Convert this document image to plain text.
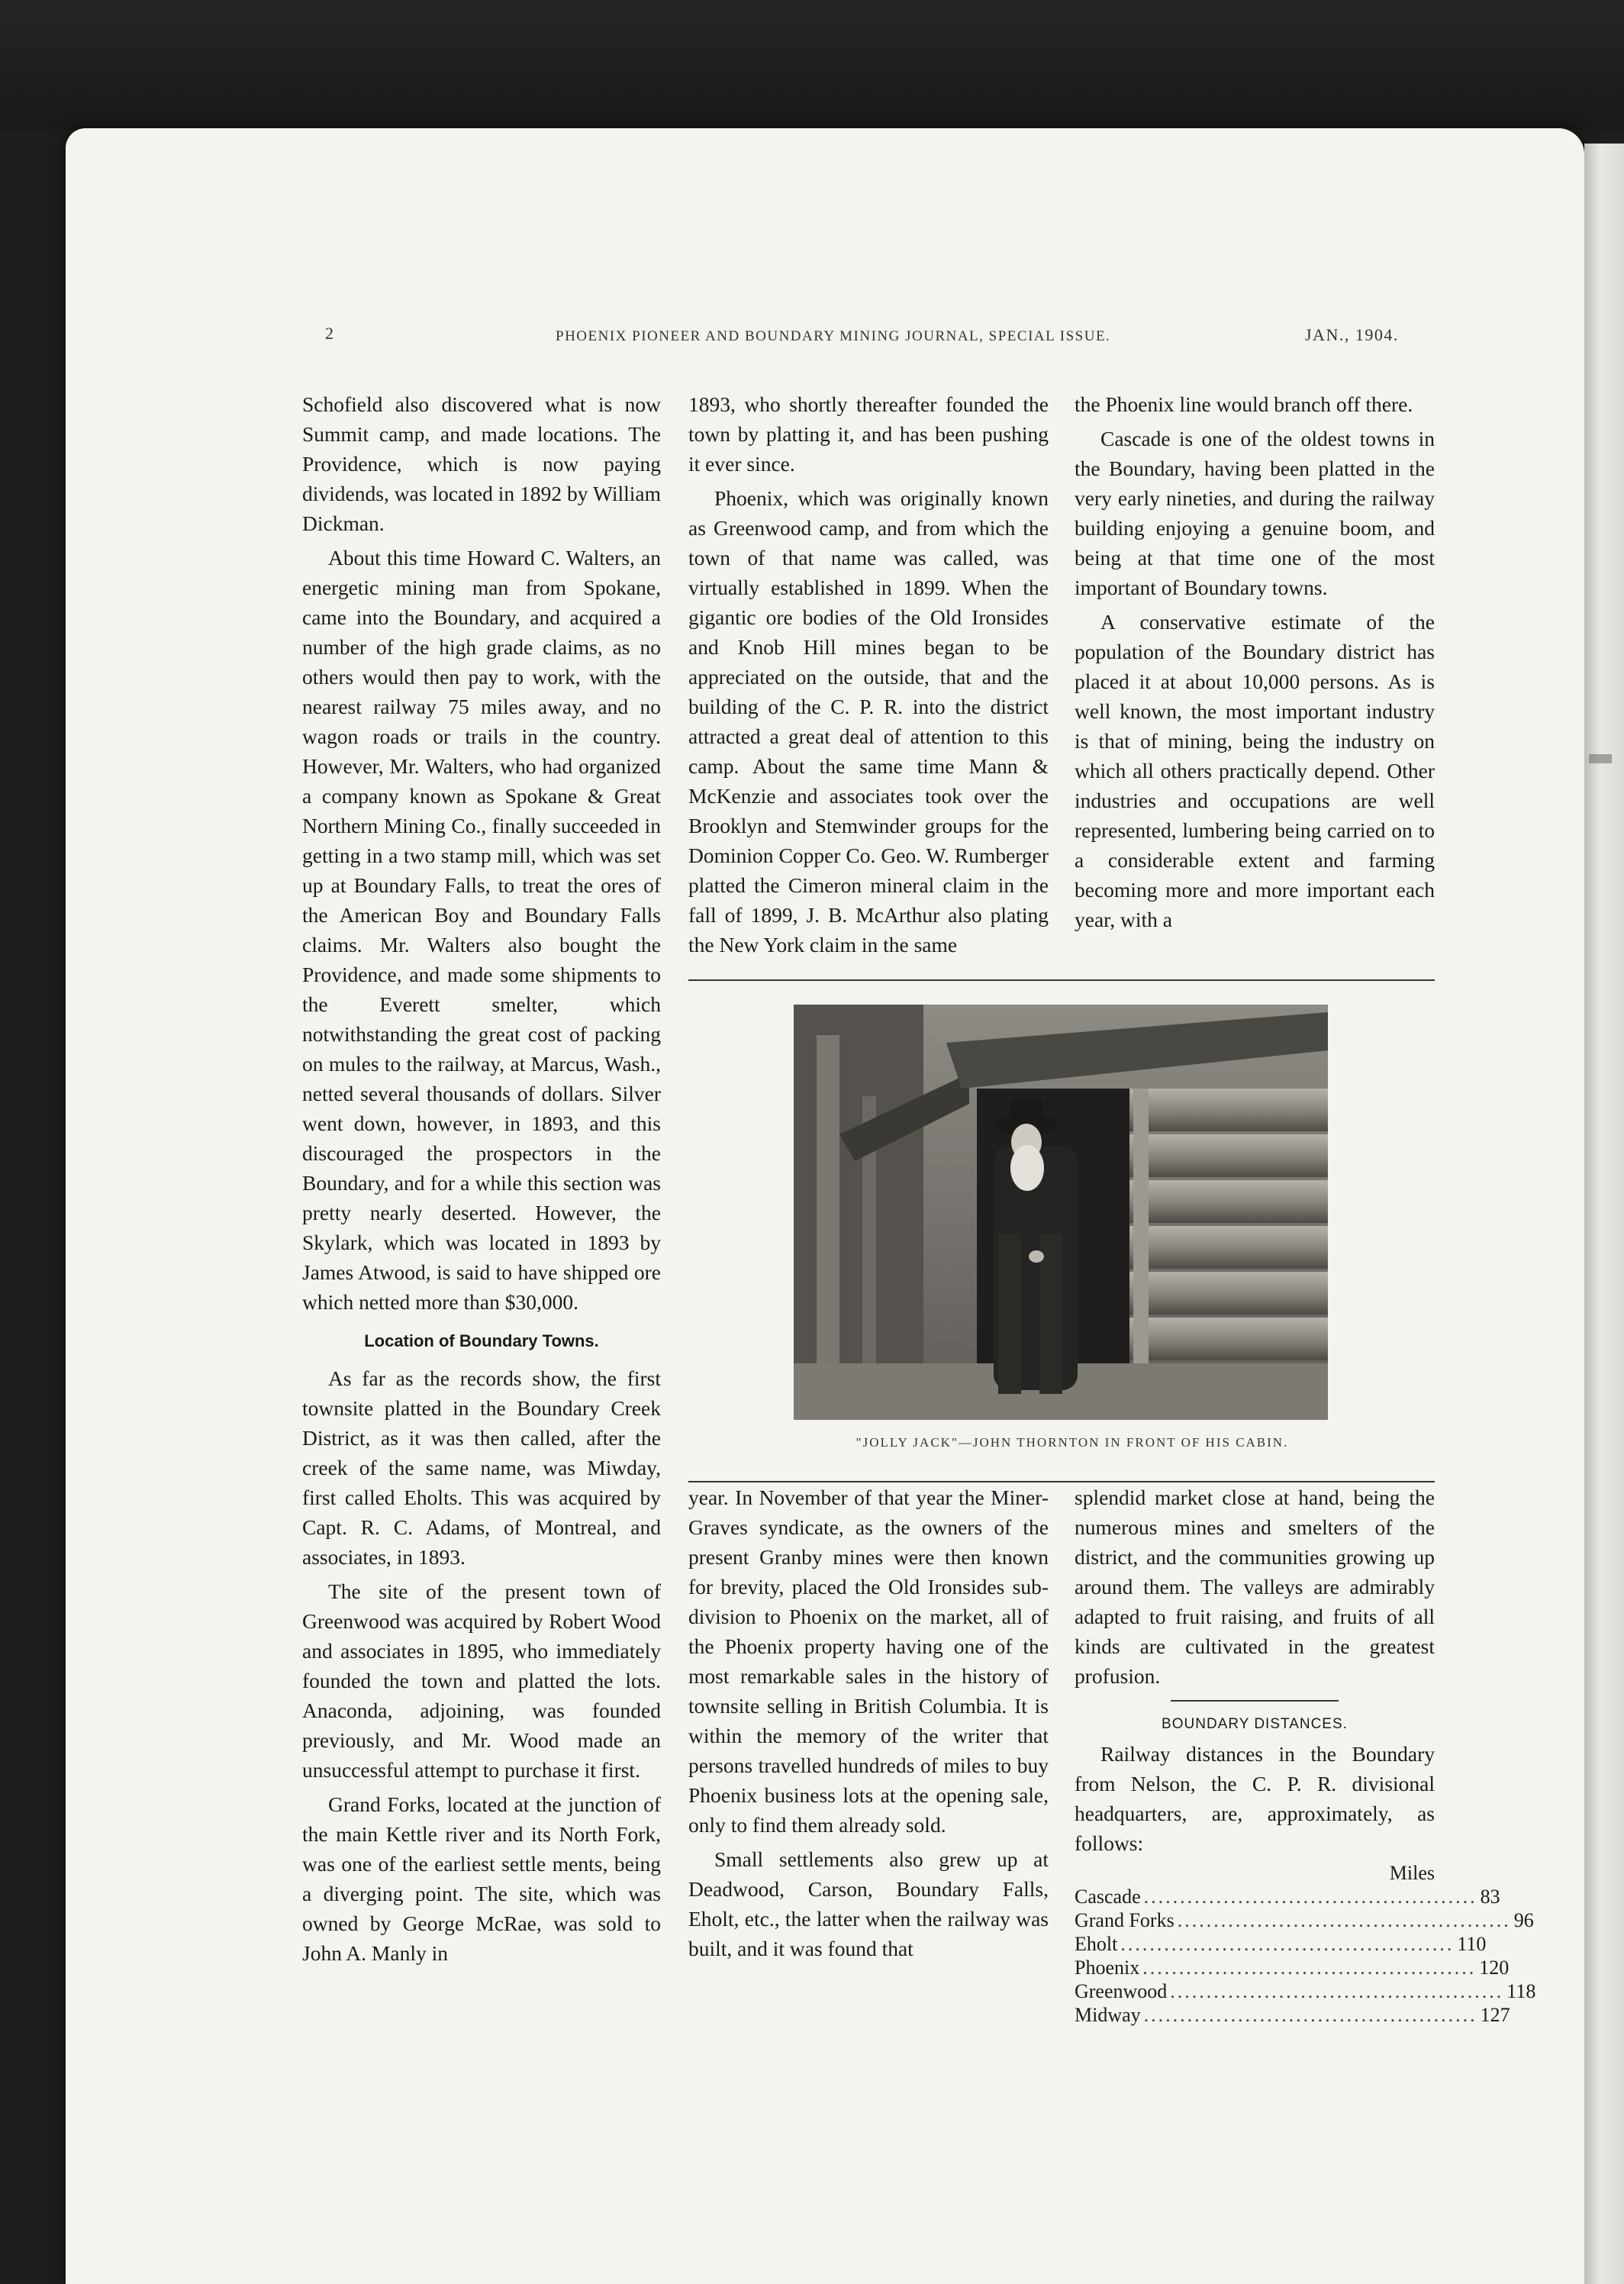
2	PHOENIX PIONEER AND BOUNDARY MINING JOURNAL, SPECIAL ISSUE.	JAN., 1904.

Schofield also discovered what is now Summit camp, and made locations. The Providence, which is now paying dividends, was located in 1892 by William Dickman.

About this time Howard C. Walters, an energetic mining man from Spokane, came into the Boundary, and acquired a number of the high grade claims, as no others would then pay to work, with the nearest railway 75 miles away, and no wagon roads or trails in the country. However, Mr. Walters, who had organized a company known as Spokane & Great Northern Mining Co., finally succeeded in getting in a two stamp mill, which was set up at Boundary Falls, to treat the ores of the American Boy and Boundary Falls claims. Mr. Walters also bought the Providence, and made some shipments to the Everett smelter, which notwithstanding the great cost of packing on mules to the railway, at Marcus, Wash., netted several thousands of dollars. Silver went down, however, in 1893, and this discouraged the prospectors in the Boundary, and for a while this section was pretty nearly deserted. However, the Skylark, which was located in 1893 by James Atwood, is said to have shipped ore which netted more than $30,000.

Location of Boundary Towns.

As far as the records show, the first townsite platted in the Boundary Creek District, as it was then called, after the creek of the same name, was Miwday, first called Eholts. This was acquired by Capt. R. C. Adams, of Montreal, and associates, in 1893.

The site of the present town of Greenwood was acquired by Robert Wood and associates in 1895, who immediately founded the town and platted the lots. Anaconda, adjoining, was founded previously, and Mr. Wood made an unsuccessful attempt to purchase it first.

Grand Forks, located at the junction of the main Kettle river and its North Fork, was one of the earliest settle ments, being a diverging point. The site, which was owned by George McRae, was sold to John A. Manly in

1893, who shortly thereafter founded the town by platting it, and has been pushing it ever since.

Phoenix, which was originally known as Greenwood camp, and from which the town of that name was called, was virtually established in 1899. When the gigantic ore bodies of the Old Ironsides and Knob Hill mines began to be appreciated on the outside, that and the building of the C. P. R. into the district attracted a great deal of attention to this camp. About the same time Mann & McKenzie and associates took over the Brooklyn and Stemwinder groups for the Dominion Copper Co. Geo. W. Rumberger platted the Cimeron mineral claim in the fall of 1899, J. B. McArthur also plating the New York claim in the same

the Phoenix line would branch off there.

Cascade is one of the oldest towns in the Boundary, having been platted in the very early nineties, and during the railway building enjoying a genuine boom, and being at that time one of the most important of Boundary towns.

A conservative estimate of the population of the Boundary district has placed it at about 10,000 persons. As is well known, the most important industry is that of mining, being the industry on which all others practically depend. Other industries and occupations are well represented, lumbering being carried on to a considerable extent and farming becoming more and more important each year, with a

"JOLLY JACK"—JOHN THORNTON IN FRONT OF HIS CABIN.

year. In November of that year the Miner-Graves syndicate, as the owners of the present Granby mines were then known for brevity, placed the Old Ironsides sub-division to Phoenix on the market, all of the Phoenix property having one of the most remarkable sales in the history of townsite selling in British Columbia. It is within the memory of the writer that persons travelled hundreds of miles to buy Phoenix business lots at the opening sale, only to find them already sold.

Small settlements also grew up at Deadwood, Carson, Boundary Falls, Eholt, etc., the latter when the railway was built, and it was found that

splendid market close at hand, being the numerous mines and smelters of the district, and the communities growing up around them. The valleys are admirably adapted to fruit raising, and fruits of all kinds are cultivated in the greatest profusion.

BOUNDARY DISTANCES.

Railway distances in the Boundary from Nelson, the C. P. R. divisional headquarters, are, approximately, as follows:

Miles
Cascade .............................................. 83
Grand Forks .............................................. 96
Eholt .............................................. 110
Phoenix .............................................. 120
Greenwood .............................................. 118
Midway .............................................. 127
